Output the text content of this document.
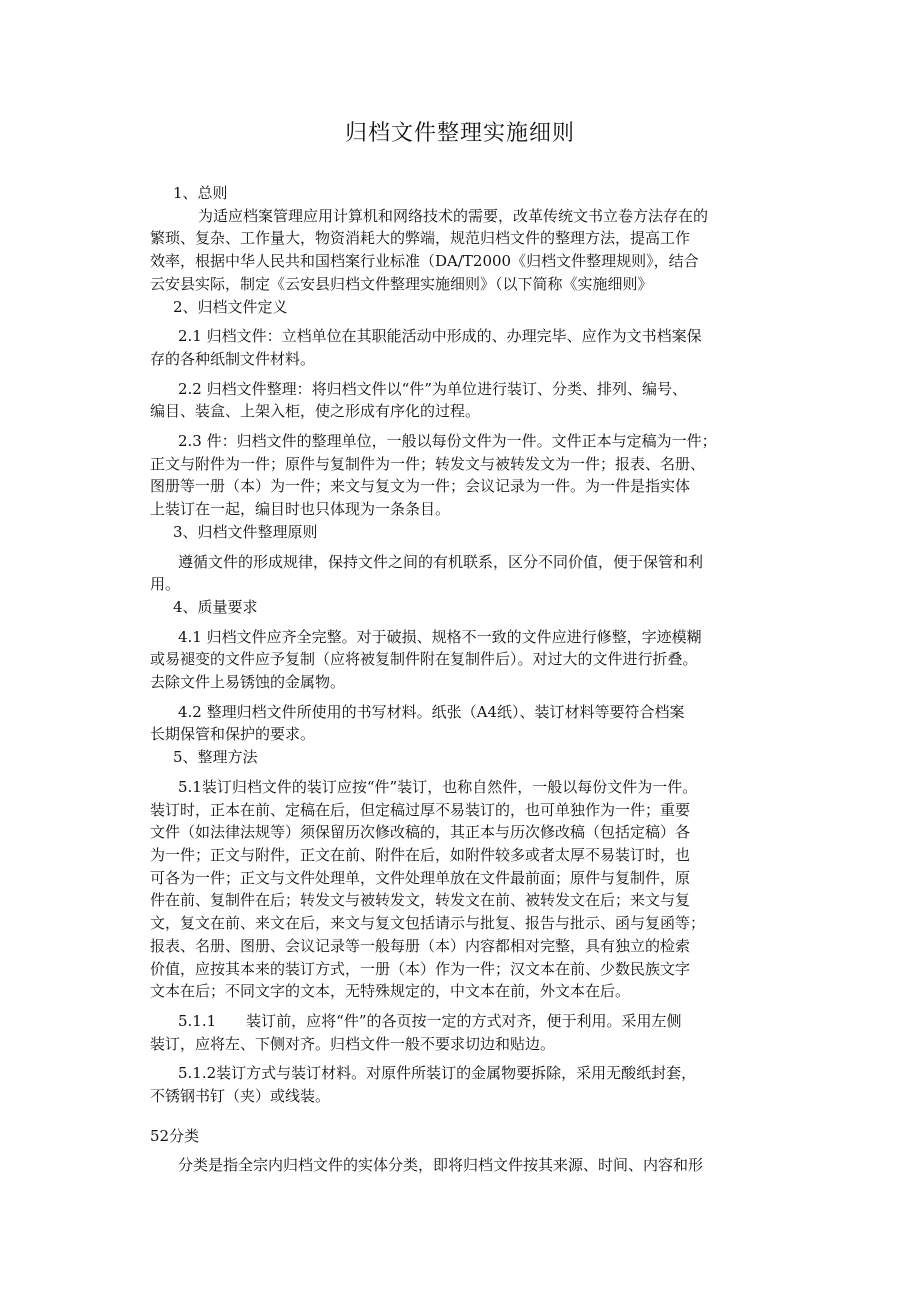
归档文件整理实施细则

1、总则

为适应档案管理应用计算机和网络技术的需要，改革传统文书立卷方法存在的

繁琐、复杂、工作量大，物资消耗大的弊端，规范归档文件的整理方法，提高工作

效率，根据中华人民共和国档案行业标准（DA/T2000《归档文件整理规则》，结合

云安县实际，制定《云安县归档文件整理实施细则》（以下简称《实施细则》

2、归档文件定义

2.1 归档文件：立档单位在其职能活动中形成的、办理完毕、应作为文书档案保

存的各种纸制文件材料。

2.2 归档文件整理：将归档文件以“件”为单位进行装订、分类、排列、编号、

编目、装盒、上架入柜，使之形成有序化的过程。

2.3 件：归档文件的整理单位，一般以每份文件为一件。文件正本与定稿为一件；

正文与附件为一件；原件与复制件为一件；转发文与被转发文为一件；报表、名册、

图册等一册（本）为一件；来文与复文为一件；会议记录为一件。为一件是指实体

上装订在一起，编目时也只体现为一条条目。

3、归档文件整理原则

遵循文件的形成规律，保持文件之间的有机联系，区分不同价值，便于保管和利

用。

4、质量要求

4.1 归档文件应齐全完整。对于破损、规格不一致的文件应进行修整，字迹模糊

或易褪变的文件应予复制（应将被复制件附在复制件后）。对过大的文件进行折叠。

去除文件上易锈蚀的金属物。

4.2 整理归档文件所使用的书写材料。纸张（A4纸）、装订材料等要符合档案

长期保管和保护的要求。

5、整理方法

5.1装订归档文件的装订应按“件”装订，也称自然件，一般以每份文件为一件。

装订时，正本在前、定稿在后，但定稿过厚不易装订的，也可单独作为一件；重要

文件（如法律法规等）须保留历次修改稿的，其正本与历次修改稿（包括定稿）各

为一件；正文与附件，正文在前、附件在后，如附件较多或者太厚不易装订时，也

可各为一件；正文与文件处理单，文件处理单放在文件最前面；原件与复制件，原

件在前、复制件在后；转发文与被转发文，转发文在前、被转发文在后；来文与复

文，复文在前、来文在后，来文与复文包括请示与批复、报告与批示、函与复函等；

报表、名册、图册、会议记录等一般每册（本）内容都相对完整，具有独立的检索

价值，应按其本来的装订方式，一册（本）作为一件；汉文本在前、少数民族文字

文本在后；不同文字的文本，无特殊规定的，中文本在前，外文本在后。

5.1.1　　装订前，应将“件”的各页按一定的方式对齐，便于利用。采用左侧

装订，应将左、下侧对齐。归档文件一般不要求切边和贴边。

5.1.2装订方式与装订材料。对原件所装订的金属物要拆除，采用无酸纸封套，

不锈钢书钉（夹）或线装。

52分类

分类是指全宗内归档文件的实体分类，即将归档文件按其来源、时间、内容和形
